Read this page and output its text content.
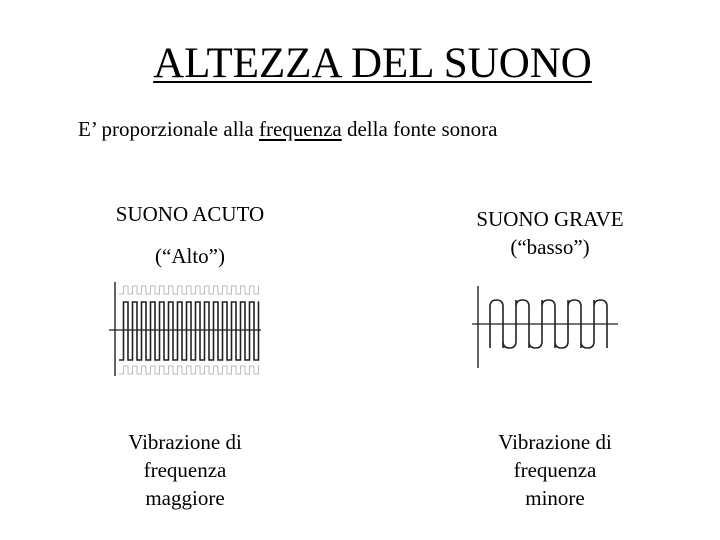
ALTEZZA DEL SUONO
E’ proporzionale alla frequenza della fonte sonora
SUONO ACUTO
(“Alto”)
SUONO GRAVE
(“basso”)
Vibrazione di
frequenza
maggiore
Vibrazione di
frequenza
minore
